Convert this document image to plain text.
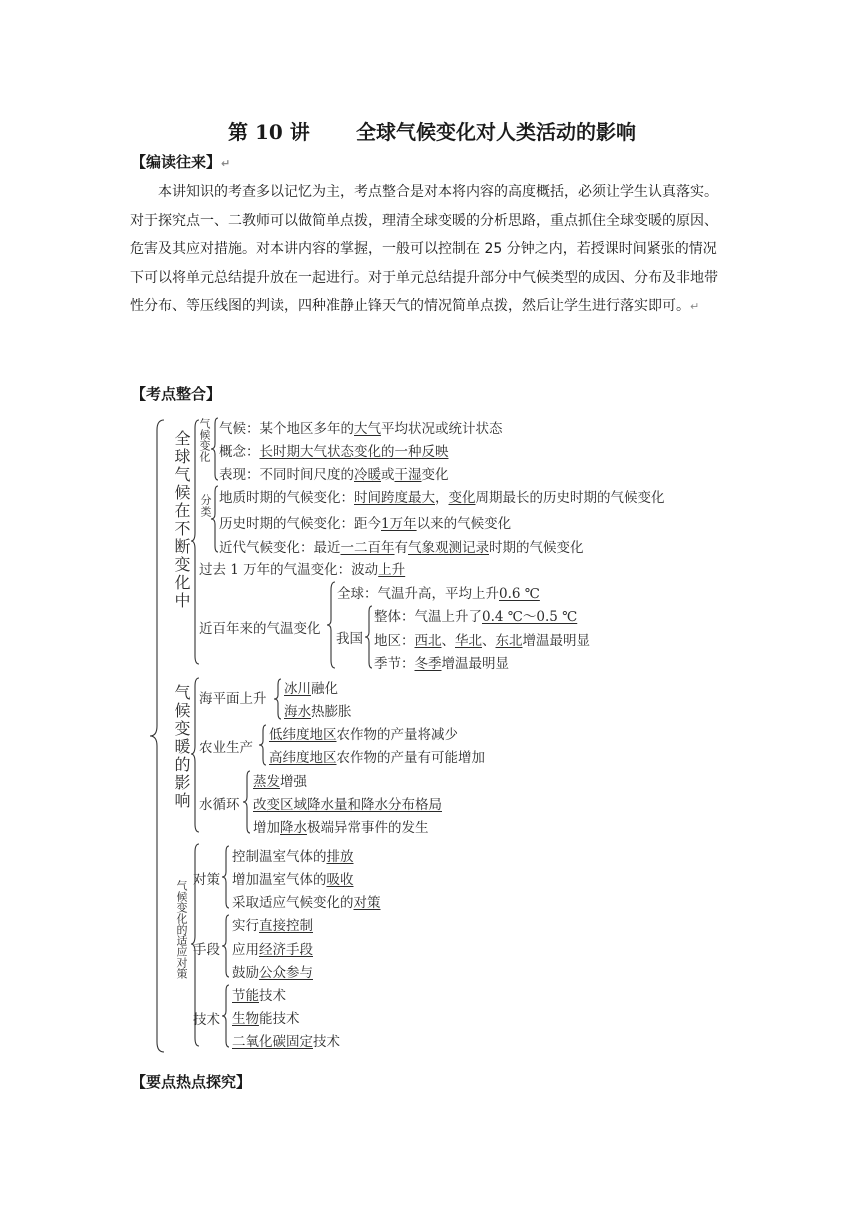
第 10 讲 全球气候变化对人类活动的影响
【编读往来】↵
本讲知识的考查多以记忆为主，考点整合是对本将内容的高度概括，必须让学生认真落实。对于探究点一、二教师可以做简单点拨，理清全球变暖的分析思路，重点抓住全球变暖的原因、危害及其应对措施。对本讲内容的掌握，一般可以控制在 25 分钟之内，若授课时间紧张的情况下可以将单元总结提升放在一起进行。对于单元总结提升部分中气候类型的成因、分布及非地带性分布、等压线图的判读，四种准静止锋天气的情况简单点拨，然后让学生进行落实即可。↵
【考点整合】
全球气候在不断变化中
气候变暖的影响
气候变化的适应对策
气候变化 气候：某个地区多年的大气平均状况或统计状态
概念：长时期大气状态变化的一种反映
表现：不同时间尺度的冷暖或干湿变化
分类 地质时期的气候变化：时间跨度最大，变化周期最长的历史时期的气候变化
历史时期的气候变化：距今1万年以来的气候变化
近代气候变化：最近一二百年有气象观测记录时期的气候变化
过去 1 万年的气温变化：波动上升
近百年来的气温变化
全球：气温升高，平均上升0.6 ℃
我国
整体：气温上升了0.4 ℃～0.5 ℃
地区：西北、华北、东北增温最明显
季节：冬季增温最明显
海平面上升
冰川融化
海水热膨胀
农业生产
低纬度地区农作物的产量将减少
高纬度地区农作物的产量有可能增加
水循环
蒸发增强
改变区域降水量和降水分布格局
增加降水极端异常事件的发生
对策
控制温室气体的排放
增加温室气体的吸收
采取适应气候变化的对策
手段
实行直接控制
应用经济手段
鼓励公众参与
技术
节能技术
生物能技术
二氧化碳固定技术
【要点热点探究】
